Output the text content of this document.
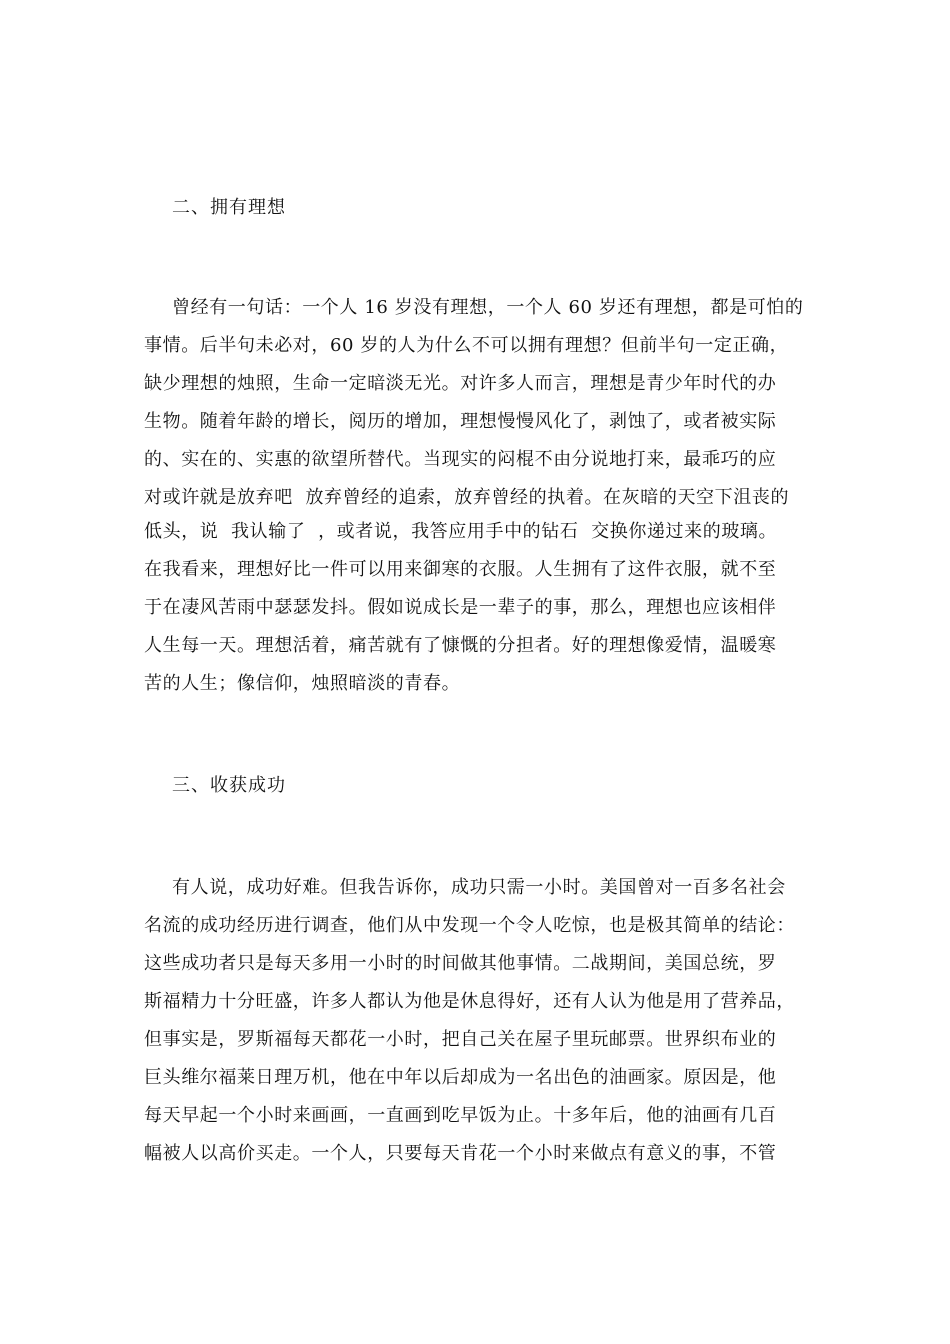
二、拥有理想
曾经有一句话：一个人 16 岁没有理想，一个人 60 岁还有理想，都是可怕的
事情。后半句未必对，60 岁的人为什么不可以拥有理想？但前半句一定正确，
缺少理想的烛照，生命一定暗淡无光。对许多人而言，理想是青少年时代的办
生物。随着年龄的增长，阅历的增加，理想慢慢风化了，剥蚀了，或者被实际
的、实在的、实惠的欲望所替代。当现实的闷棍不由分说地打来，最乖巧的应
对或许就是放弃吧  放弃曾经的追索，放弃曾经的执着。在灰暗的天空下沮丧的
低头，说  我认输了  ，或者说，我答应用手中的钻石  交换你递过来的玻璃。
在我看来，理想好比一件可以用来御寒的衣服。人生拥有了这件衣服，就不至
于在凄风苦雨中瑟瑟发抖。假如说成长是一辈子的事，那么，理想也应该相伴
人生每一天。理想活着，痛苦就有了慷慨的分担者。好的理想像爱情，温暖寒
苦的人生；像信仰，烛照暗淡的青春。
三、收获成功
有人说，成功好难。但我告诉你，成功只需一小时。美国曾对一百多名社会
名流的成功经历进行调查，他们从中发现一个令人吃惊，也是极其简单的结论：
这些成功者只是每天多用一小时的时间做其他事情。二战期间，美国总统，罗
斯福精力十分旺盛，许多人都认为他是休息得好，还有人认为他是用了营养品，
但事实是，罗斯福每天都花一小时，把自己关在屋子里玩邮票。世界织布业的
巨头维尔福莱日理万机，他在中年以后却成为一名出色的油画家。原因是，他
每天早起一个小时来画画，一直画到吃早饭为止。十多年后，他的油画有几百
幅被人以高价买走。一个人，只要每天肯花一个小时来做点有意义的事，不管
